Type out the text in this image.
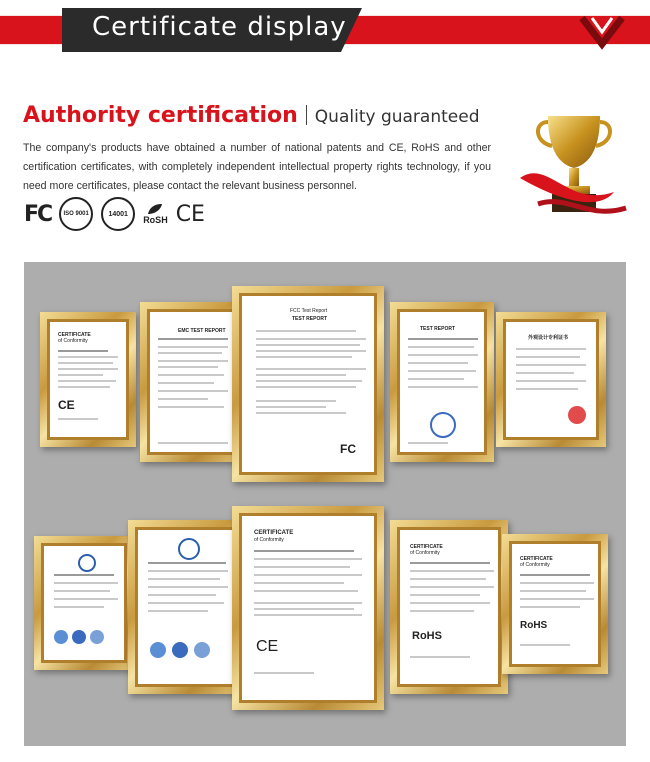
Certificate display
Authority certification Quality guaranteed
The company's products have obtained a number of national patents and CE, RoHS and other certification certificates, with completely independent intellectual property rights technology, if you need more certificates, please contact the relevant business personnel.
FC	ISO 9001	14001
RoSH CE
CERTIFICATE
of Conformity
CE
EMC TEST REPORT
FCC Test Report
TEST REPORT
FC
TEST REPORT
外观设计专利证书
CERTIFICATE
of Conformity
CE
CERTIFICATE
of Conformity
RoHS
CERTIFICATE
of Conformity
RoHS
